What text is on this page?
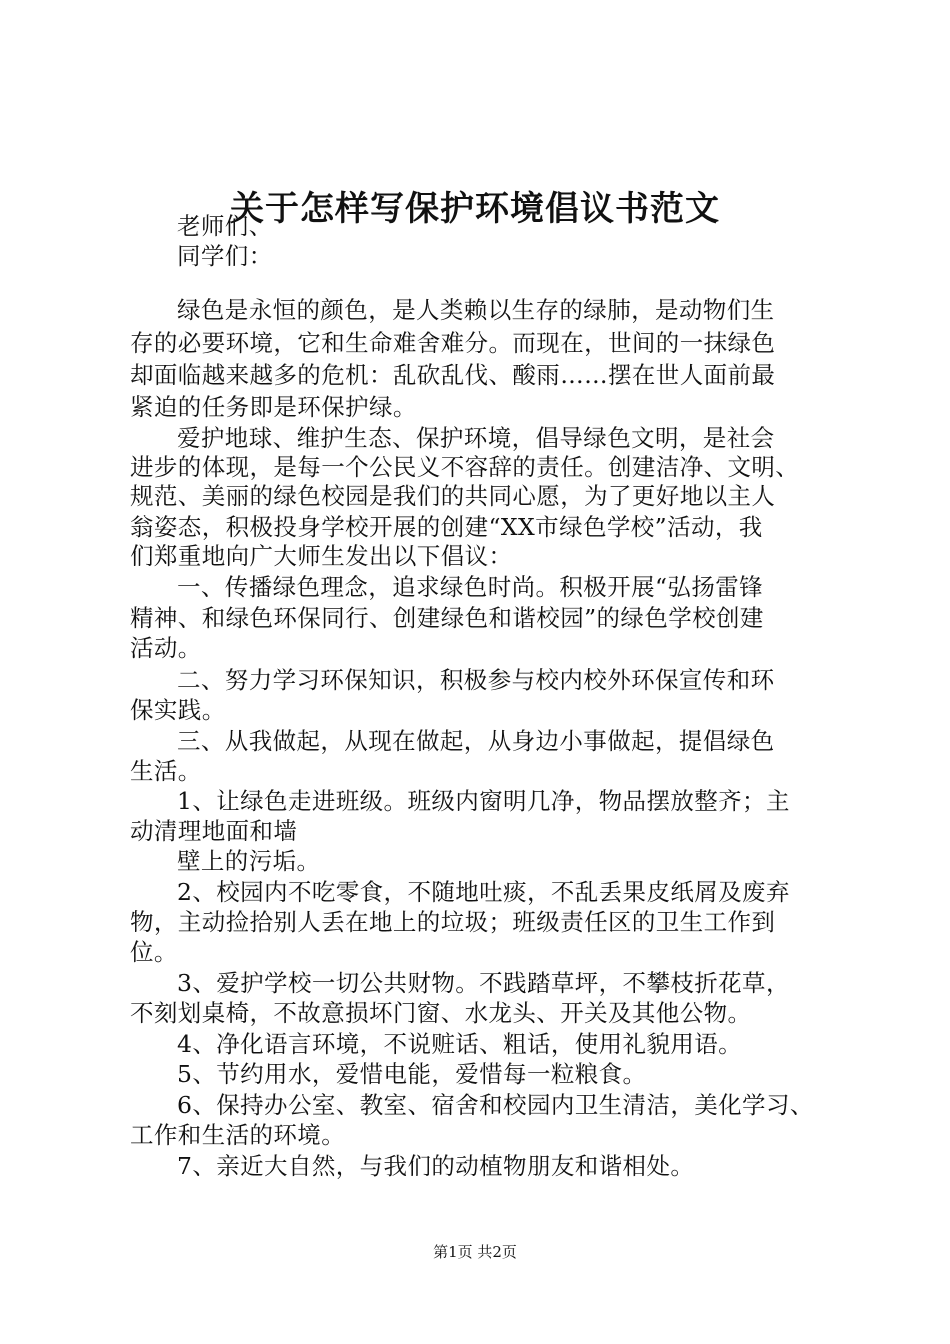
关于怎样写保护环境倡议书范文
老师们、
同学们：
绿色是永恒的颜色，是人类赖以生存的绿肺，是动物们生
存的必要环境，它和生命难舍难分。而现在，世间的一抹绿色
却面临越来越多的危机：乱砍乱伐、酸雨……摆在世人面前最
紧迫的任务即是环保护绿。
爱护地球、维护生态、保护环境，倡导绿色文明，是社会
进步的体现，是每一个公民义不容辞的责任。创建洁净、文明、
规范、美丽的绿色校园是我们的共同心愿，为了更好地以主人
翁姿态，积极投身学校开展的创建“XX市绿色学校”活动，我
们郑重地向广大师生发出以下倡议：
一、传播绿色理念，追求绿色时尚。积极开展“弘扬雷锋
精神、和绿色环保同行、创建绿色和谐校园”的绿色学校创建
活动。
二、努力学习环保知识，积极参与校内校外环保宣传和环
保实践。
三、从我做起，从现在做起，从身边小事做起，提倡绿色
生活。
1、让绿色走进班级。班级内窗明几净，物品摆放整齐；主
动清理地面和墙
壁上的污垢。
2、校园内不吃零食，不随地吐痰，不乱丢果皮纸屑及废弃
物，主动捡拾别人丢在地上的垃圾；班级责任区的卫生工作到
位。
3、爱护学校一切公共财物。不践踏草坪，不攀枝折花草，
不刻划桌椅，不故意损坏门窗、水龙头、开关及其他公物。
4、净化语言环境，不说赃话、粗话，使用礼貌用语。
5、节约用水，爱惜电能，爱惜每一粒粮食。
6、保持办公室、教室、宿舍和校园内卫生清洁，美化学习、
工作和生活的环境。
7、亲近大自然，与我们的动植物朋友和谐相处。
第1页 共2页
